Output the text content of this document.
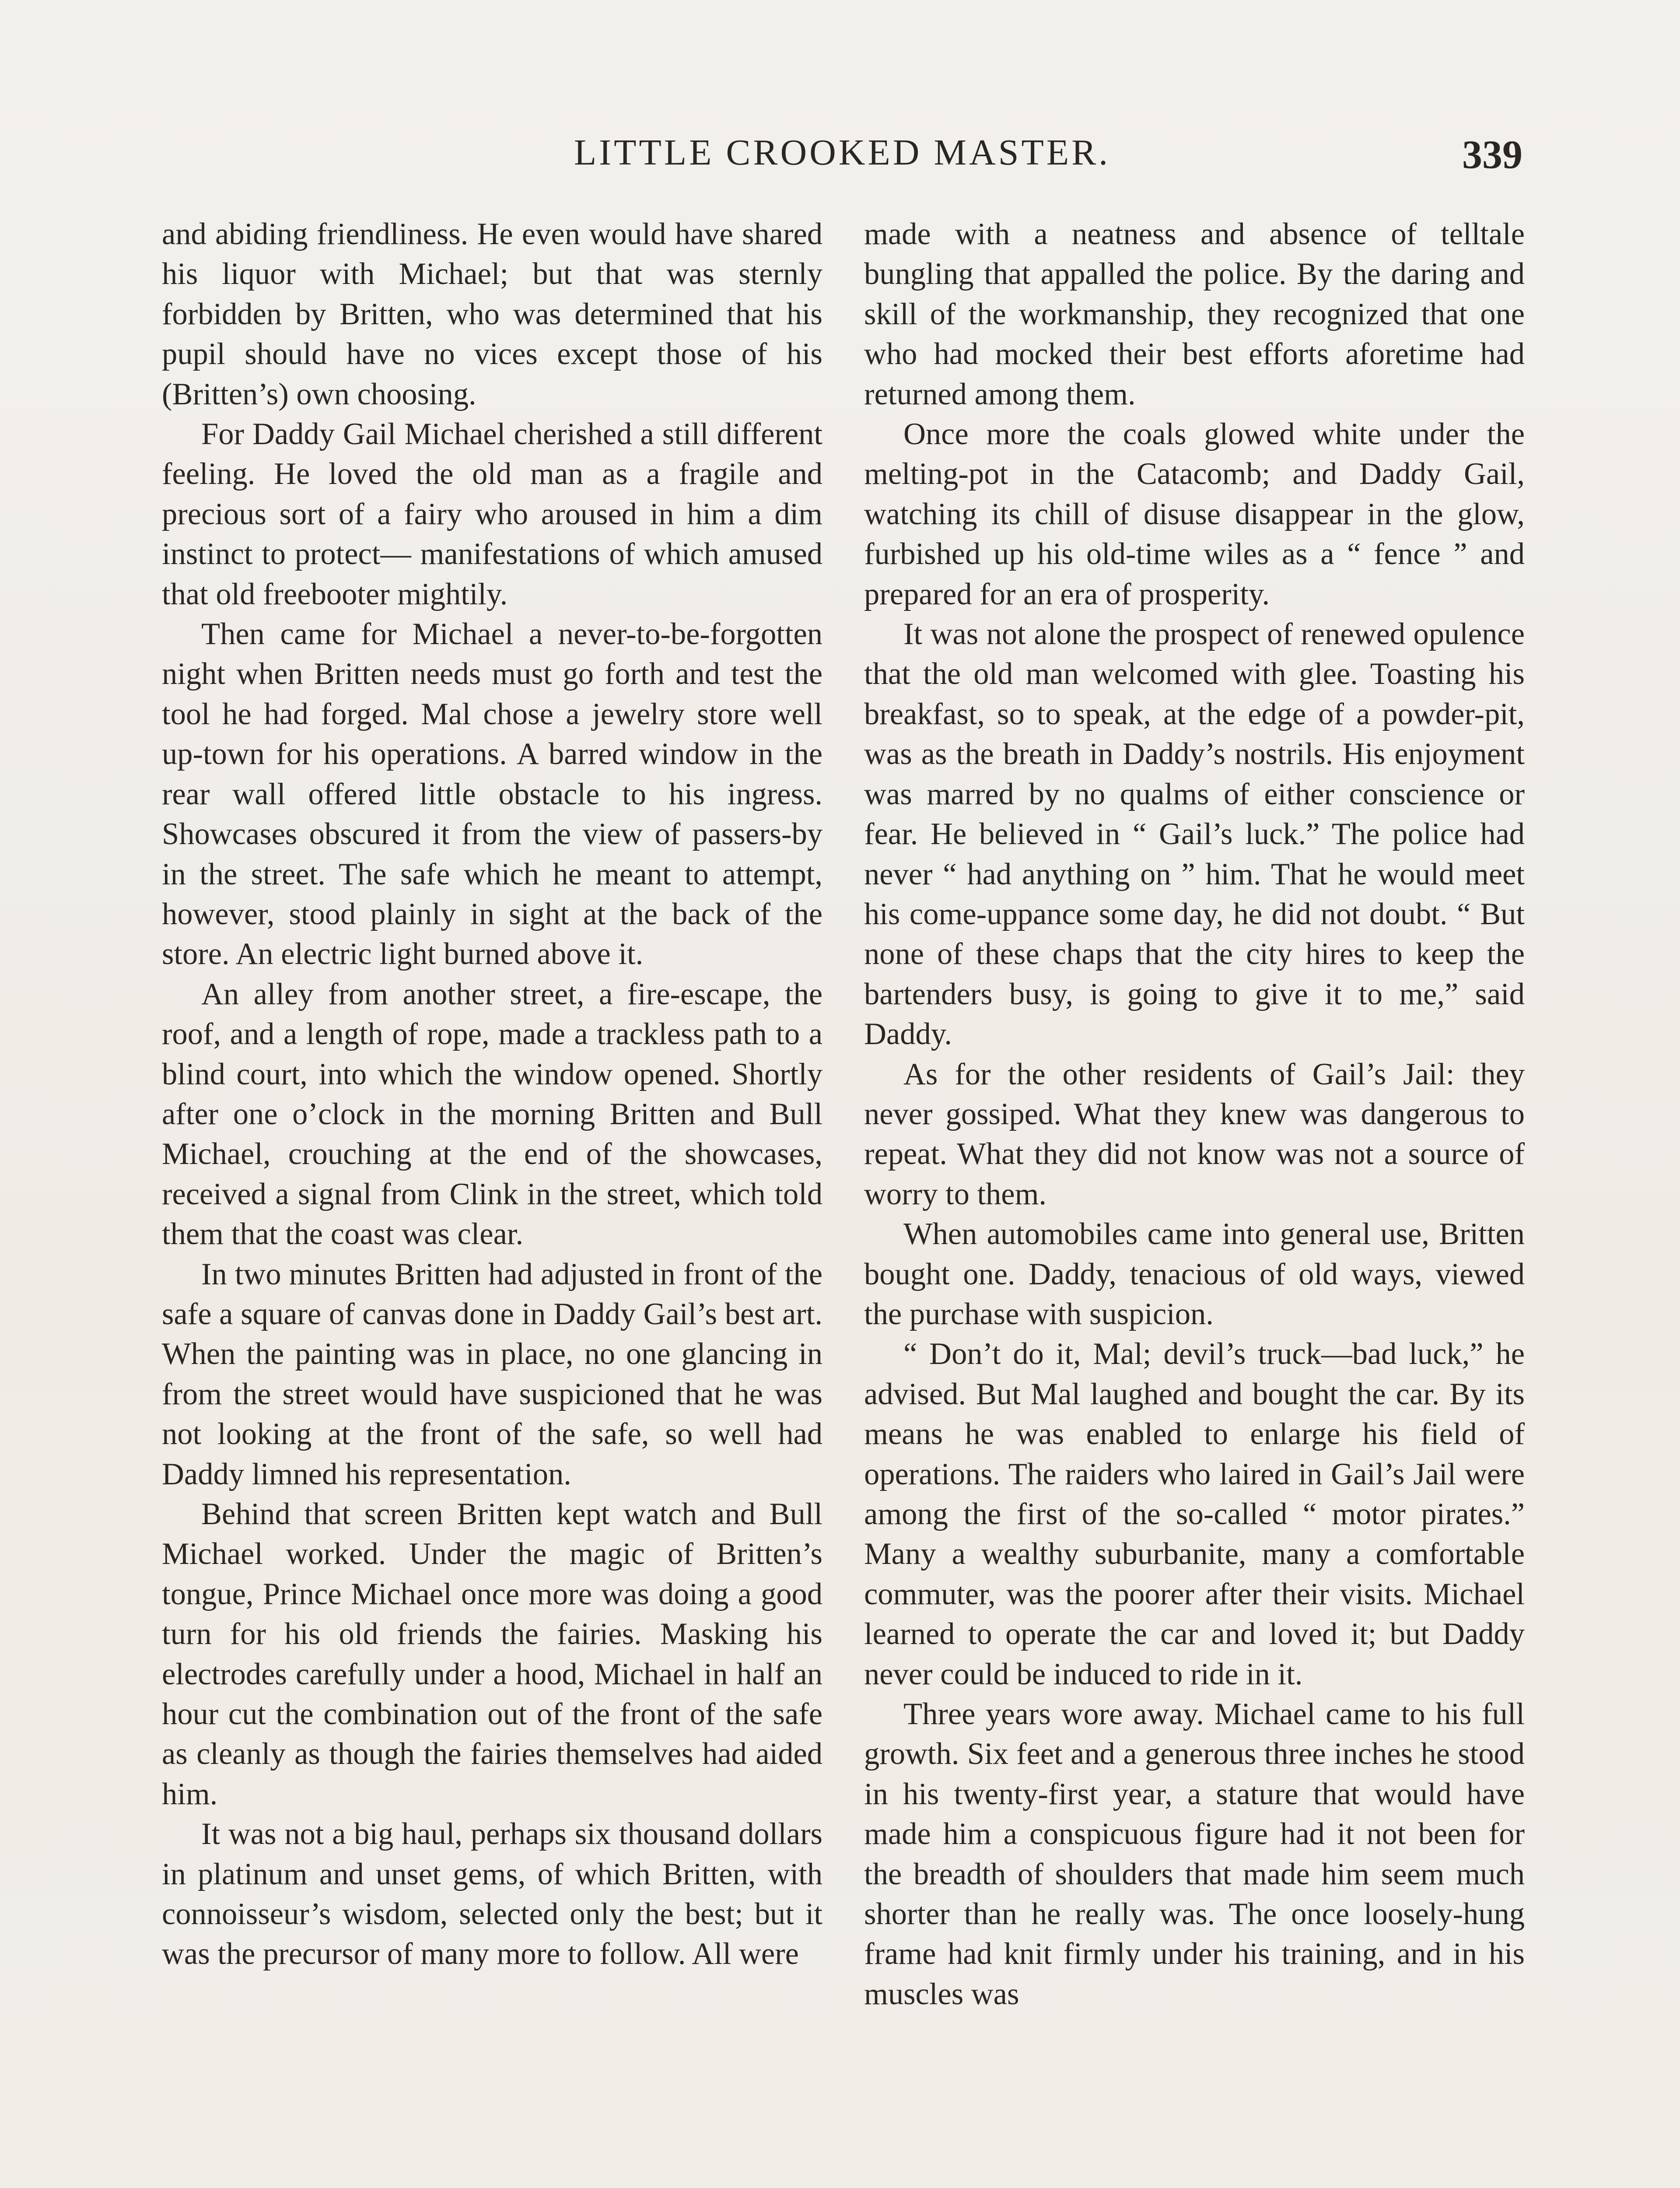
LITTLE CROOKED MASTER.	339

and abiding friendliness. He even would have shared his liquor with Michael; but that was sternly forbidden by Britten, who was determined that his pupil should have no vices except those of his (Britten’s) own choosing.

For Daddy Gail Michael cherished a still different feeling. He loved the old man as a fragile and precious sort of a fairy who aroused in him a dim instinct to protect— manifestations of which amused that old freebooter mightily.

Then came for Michael a never-to-be-forgotten night when Britten needs must go forth and test the tool he had forged. Mal chose a jewelry store well up-town for his operations. A barred window in the rear wall offered little obstacle to his ingress. Showcases obscured it from the view of passers-by in the street. The safe which he meant to attempt, however, stood plainly in sight at the back of the store. An electric light burned above it.

An alley from another street, a fire-escape, the roof, and a length of rope, made a trackless path to a blind court, into which the window opened. Shortly after one o’clock in the morning Britten and Bull Michael, crouching at the end of the showcases, received a signal from Clink in the street, which told them that the coast was clear.

In two minutes Britten had adjusted in front of the safe a square of canvas done in Daddy Gail’s best art. When the painting was in place, no one glancing in from the street would have suspicioned that he was not looking at the front of the safe, so well had Daddy limned his representation.

Behind that screen Britten kept watch and Bull Michael worked. Under the magic of Britten’s tongue, Prince Michael once more was doing a good turn for his old friends the fairies. Masking his electrodes carefully under a hood, Michael in half an hour cut the combination out of the front of the safe as cleanly as though the fairies themselves had aided him.

It was not a big haul, perhaps six thousand dollars in platinum and unset gems, of which Britten, with connoisseur’s wisdom, selected only the best; but it was the precursor of many more to follow. All were

made with a neatness and absence of telltale bungling that appalled the police. By the daring and skill of the workmanship, they recognized that one who had mocked their best efforts aforetime had returned among them.

Once more the coals glowed white under the melting-pot in the Catacomb; and Daddy Gail, watching its chill of disuse disappear in the glow, furbished up his old-time wiles as a “ fence ” and prepared for an era of prosperity.

It was not alone the prospect of renewed opulence that the old man welcomed with glee. Toasting his breakfast, so to speak, at the edge of a powder-pit, was as the breath in Daddy’s nostrils. His enjoyment was marred by no qualms of either conscience or fear. He believed in “ Gail’s luck.” The police had never “ had anything on ” him. That he would meet his come-uppance some day, he did not doubt. “ But none of these chaps that the city hires to keep the bartenders busy, is going to give it to me,” said Daddy.

As for the other residents of Gail’s Jail: they never gossiped. What they knew was dangerous to repeat. What they did not know was not a source of worry to them.

When automobiles came into general use, Britten bought one. Daddy, tenacious of old ways, viewed the purchase with suspicion.

“ Don’t do it, Mal; devil’s truck—bad luck,” he advised. But Mal laughed and bought the car. By its means he was enabled to enlarge his field of operations. The raiders who laired in Gail’s Jail were among the first of the so-called “ motor pirates.” Many a wealthy suburbanite, many a comfortable commuter, was the poorer after their visits. Michael learned to operate the car and loved it; but Daddy never could be induced to ride in it.

Three years wore away. Michael came to his full growth. Six feet and a generous three inches he stood in his twenty-first year, a stature that would have made him a conspicuous figure had it not been for the breadth of shoulders that made him seem much shorter than he really was. The once loosely-hung frame had knit firmly under his training, and in his muscles was
